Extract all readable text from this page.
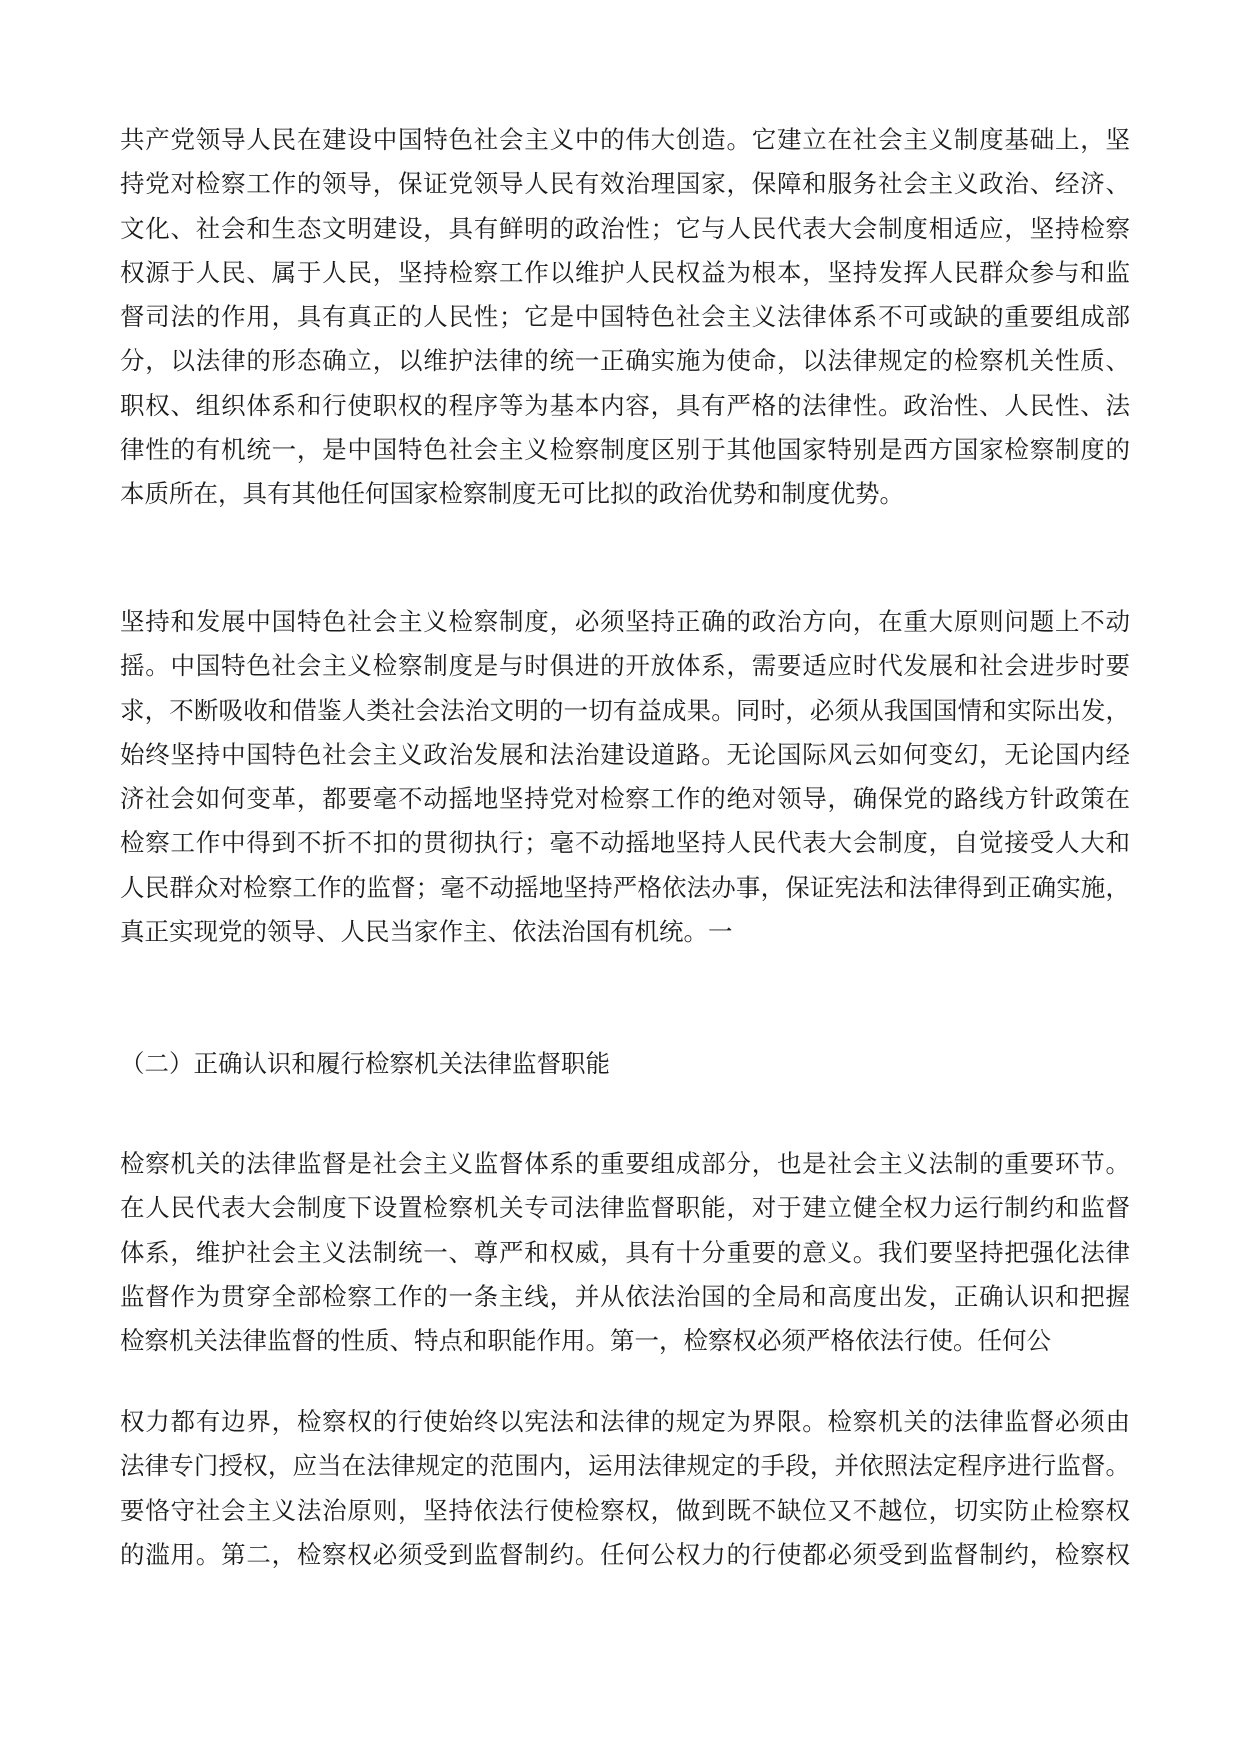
共产党领导人民在建设中国特色社会主义中的伟大创造。它建立在社会主义制度基础上，坚
持党对检察工作的领导，保证党领导人民有效治理国家，保障和服务社会主义政治、经济、
文化、社会和生态文明建设，具有鲜明的政治性；它与人民代表大会制度相适应，坚持检察
权源于人民、属于人民，坚持检察工作以维护人民权益为根本，坚持发挥人民群众参与和监
督司法的作用，具有真正的人民性；它是中国特色社会主义法律体系不可或缺的重要组成部
分，以法律的形态确立，以维护法律的统一正确实施为使命，以法律规定的检察机关性质、
职权、组织体系和行使职权的程序等为基本内容，具有严格的法律性。政治性、人民性、法
律性的有机统一，是中国特色社会主义检察制度区别于其他国家特别是西方国家检察制度的
本质所在，具有其他任何国家检察制度无可比拟的政治优势和制度优势。
坚持和发展中国特色社会主义检察制度，必须坚持正确的政治方向，在重大原则问题上不动
摇。中国特色社会主义检察制度是与时俱进的开放体系，需要适应时代发展和社会进步时要
求，不断吸收和借鉴人类社会法治文明的一切有益成果。同时，必须从我国国情和实际出发，
始终坚持中国特色社会主义政治发展和法治建设道路。无论国际风云如何变幻，无论国内经
济社会如何变革，都要毫不动摇地坚持党对检察工作的绝对领导，确保党的路线方针政策在
检察工作中得到不折不扣的贯彻执行；毫不动摇地坚持人民代表大会制度，自觉接受人大和
人民群众对检察工作的监督；毫不动摇地坚持严格依法办事，保证宪法和法律得到正确实施，
真正实现党的领导、人民当家作主、依法治国有机统。一
（二）正确认识和履行检察机关法律监督职能
检察机关的法律监督是社会主义监督体系的重要组成部分，也是社会主义法制的重要环节。
在人民代表大会制度下设置检察机关专司法律监督职能，对于建立健全权力运行制约和监督
体系，维护社会主义法制统一、尊严和权威，具有十分重要的意义。我们要坚持把强化法律
监督作为贯穿全部检察工作的一条主线，并从依法治国的全局和高度出发，正确认识和把握
检察机关法律监督的性质、特点和职能作用。第一，检察权必须严格依法行使。任何公
权力都有边界，检察权的行使始终以宪法和法律的规定为界限。检察机关的法律监督必须由
法律专门授权，应当在法律规定的范围内，运用法律规定的手段，并依照法定程序进行监督。
要恪守社会主义法治原则，坚持依法行使检察权，做到既不缺位又不越位，切实防止检察权
的滥用。第二，检察权必须受到监督制约。任何公权力的行使都必须受到监督制约，检察权
